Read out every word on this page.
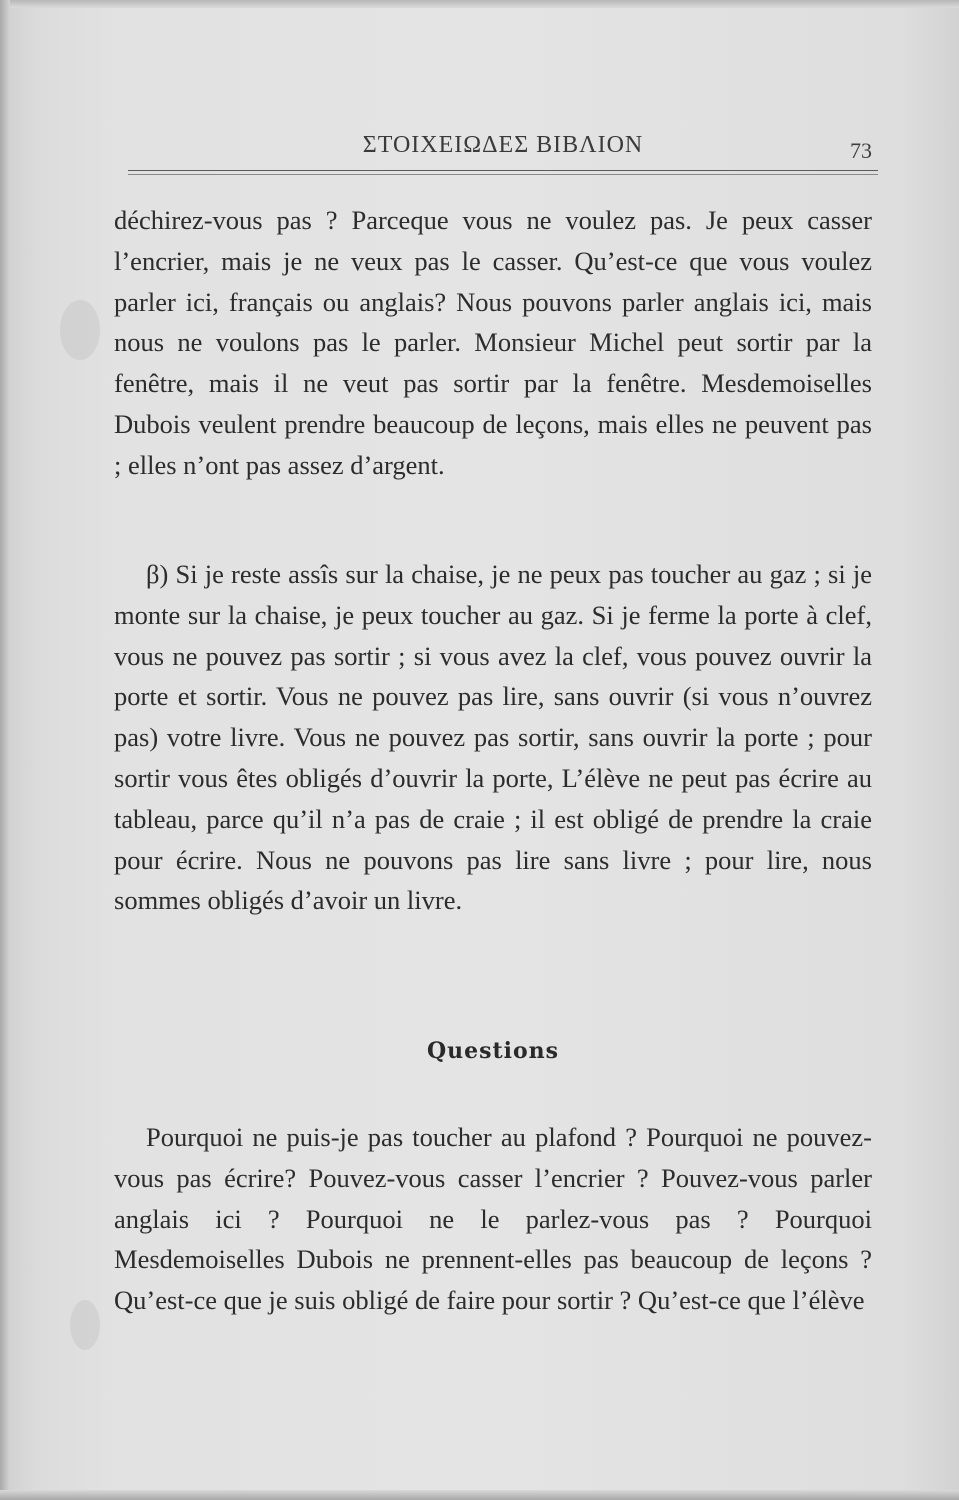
ΣΤΟΙΧΕΙΩΔΕΣ ΒΙΒΛΙΟΝ	73

déchirez-vous pas ? Parceque vous ne voulez pas. Je peux casser l’encrier, mais je ne veux pas le casser. Qu’est-ce que vous voulez parler ici, français ou anglais? Nous pouvons parler anglais ici, mais nous ne voulons pas le parler. Monsieur Michel peut sortir par la fenêtre, mais il ne veut pas sortir par la fenêtre. Mesdemoiselles Dubois veulent prendre beaucoup de leçons, mais elles ne peuvent pas ; elles n’ont pas assez d’argent.

β) Si je reste assîs sur la chaise, je ne peux pas toucher au gaz ; si je monte sur la chaise, je peux toucher au gaz. Si je ferme la porte à clef, vous ne pouvez pas sortir ; si vous avez la clef, vous pouvez ouvrir la porte et sortir. Vous ne pouvez pas lire, sans ouvrir (si vous n’ouvrez pas) votre livre. Vous ne pouvez pas sortir, sans ouvrir la porte ; pour sortir vous êtes obligés d’ouvrir la porte, L’élève ne peut pas écrire au tableau, parce qu’il n’a pas de craie ; il est obligé de prendre la craie pour écrire. Nous ne pouvons pas lire sans livre ; pour lire, nous sommes obligés d’avoir un livre.

Questions

Pourquoi ne puis-je pas toucher au plafond ? Pourquoi ne pouvez-vous pas écrire? Pouvez-vous casser l’encrier ? Pouvez-vous parler anglais ici ? Pourquoi ne le parlez-vous pas ? Pourquoi Mesdemoiselles Dubois ne prennent-elles pas beaucoup de leçons ? Qu’est-ce que je suis obligé de faire pour sortir ? Qu’est-ce que l’élève
